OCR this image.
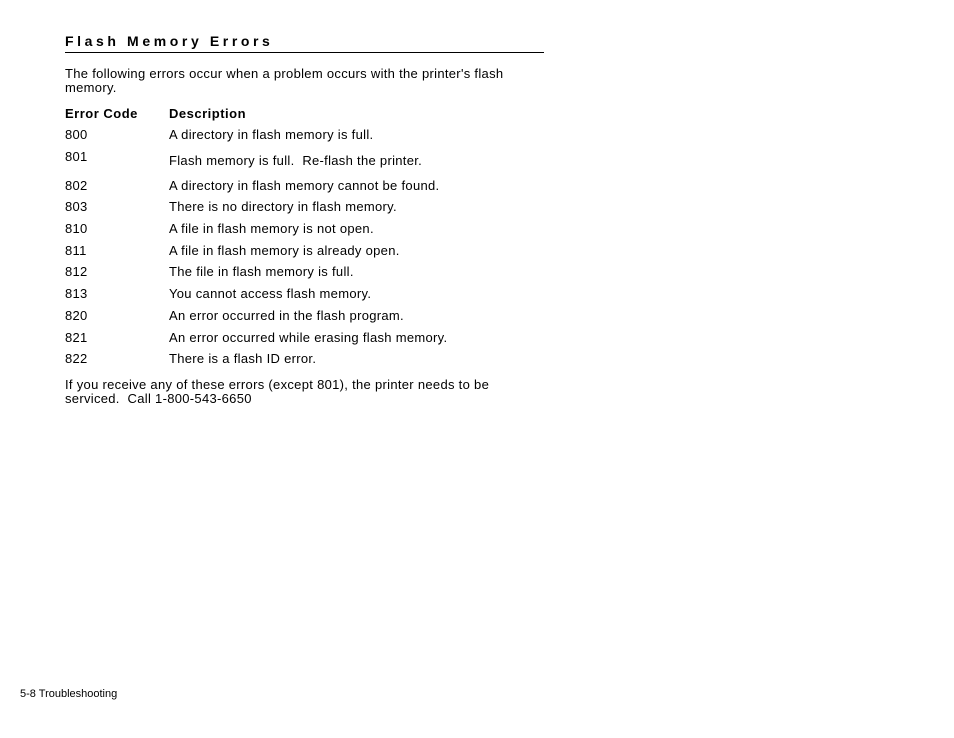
Flash Memory Errors
The following errors occur when a problem occurs with the printer's flash memory.
Error Code Description
800	A directory in flash memory is full.
801	Flash memory is full.  Re-flash the printer.
802	A directory in flash memory cannot be found.
803	There is no directory in flash memory.
810	A file in flash memory is not open.
811	A file in flash memory is already open.
812	The file in flash memory is full.
813	You cannot access flash memory.
820	An error occurred in the flash program.
821	An error occurred while erasing flash memory.
822	There is a flash ID error.
If you receive any of these errors (except 801), the printer needs to be serviced.  Call 1-800-543-6650
5-8 Troubleshooting
